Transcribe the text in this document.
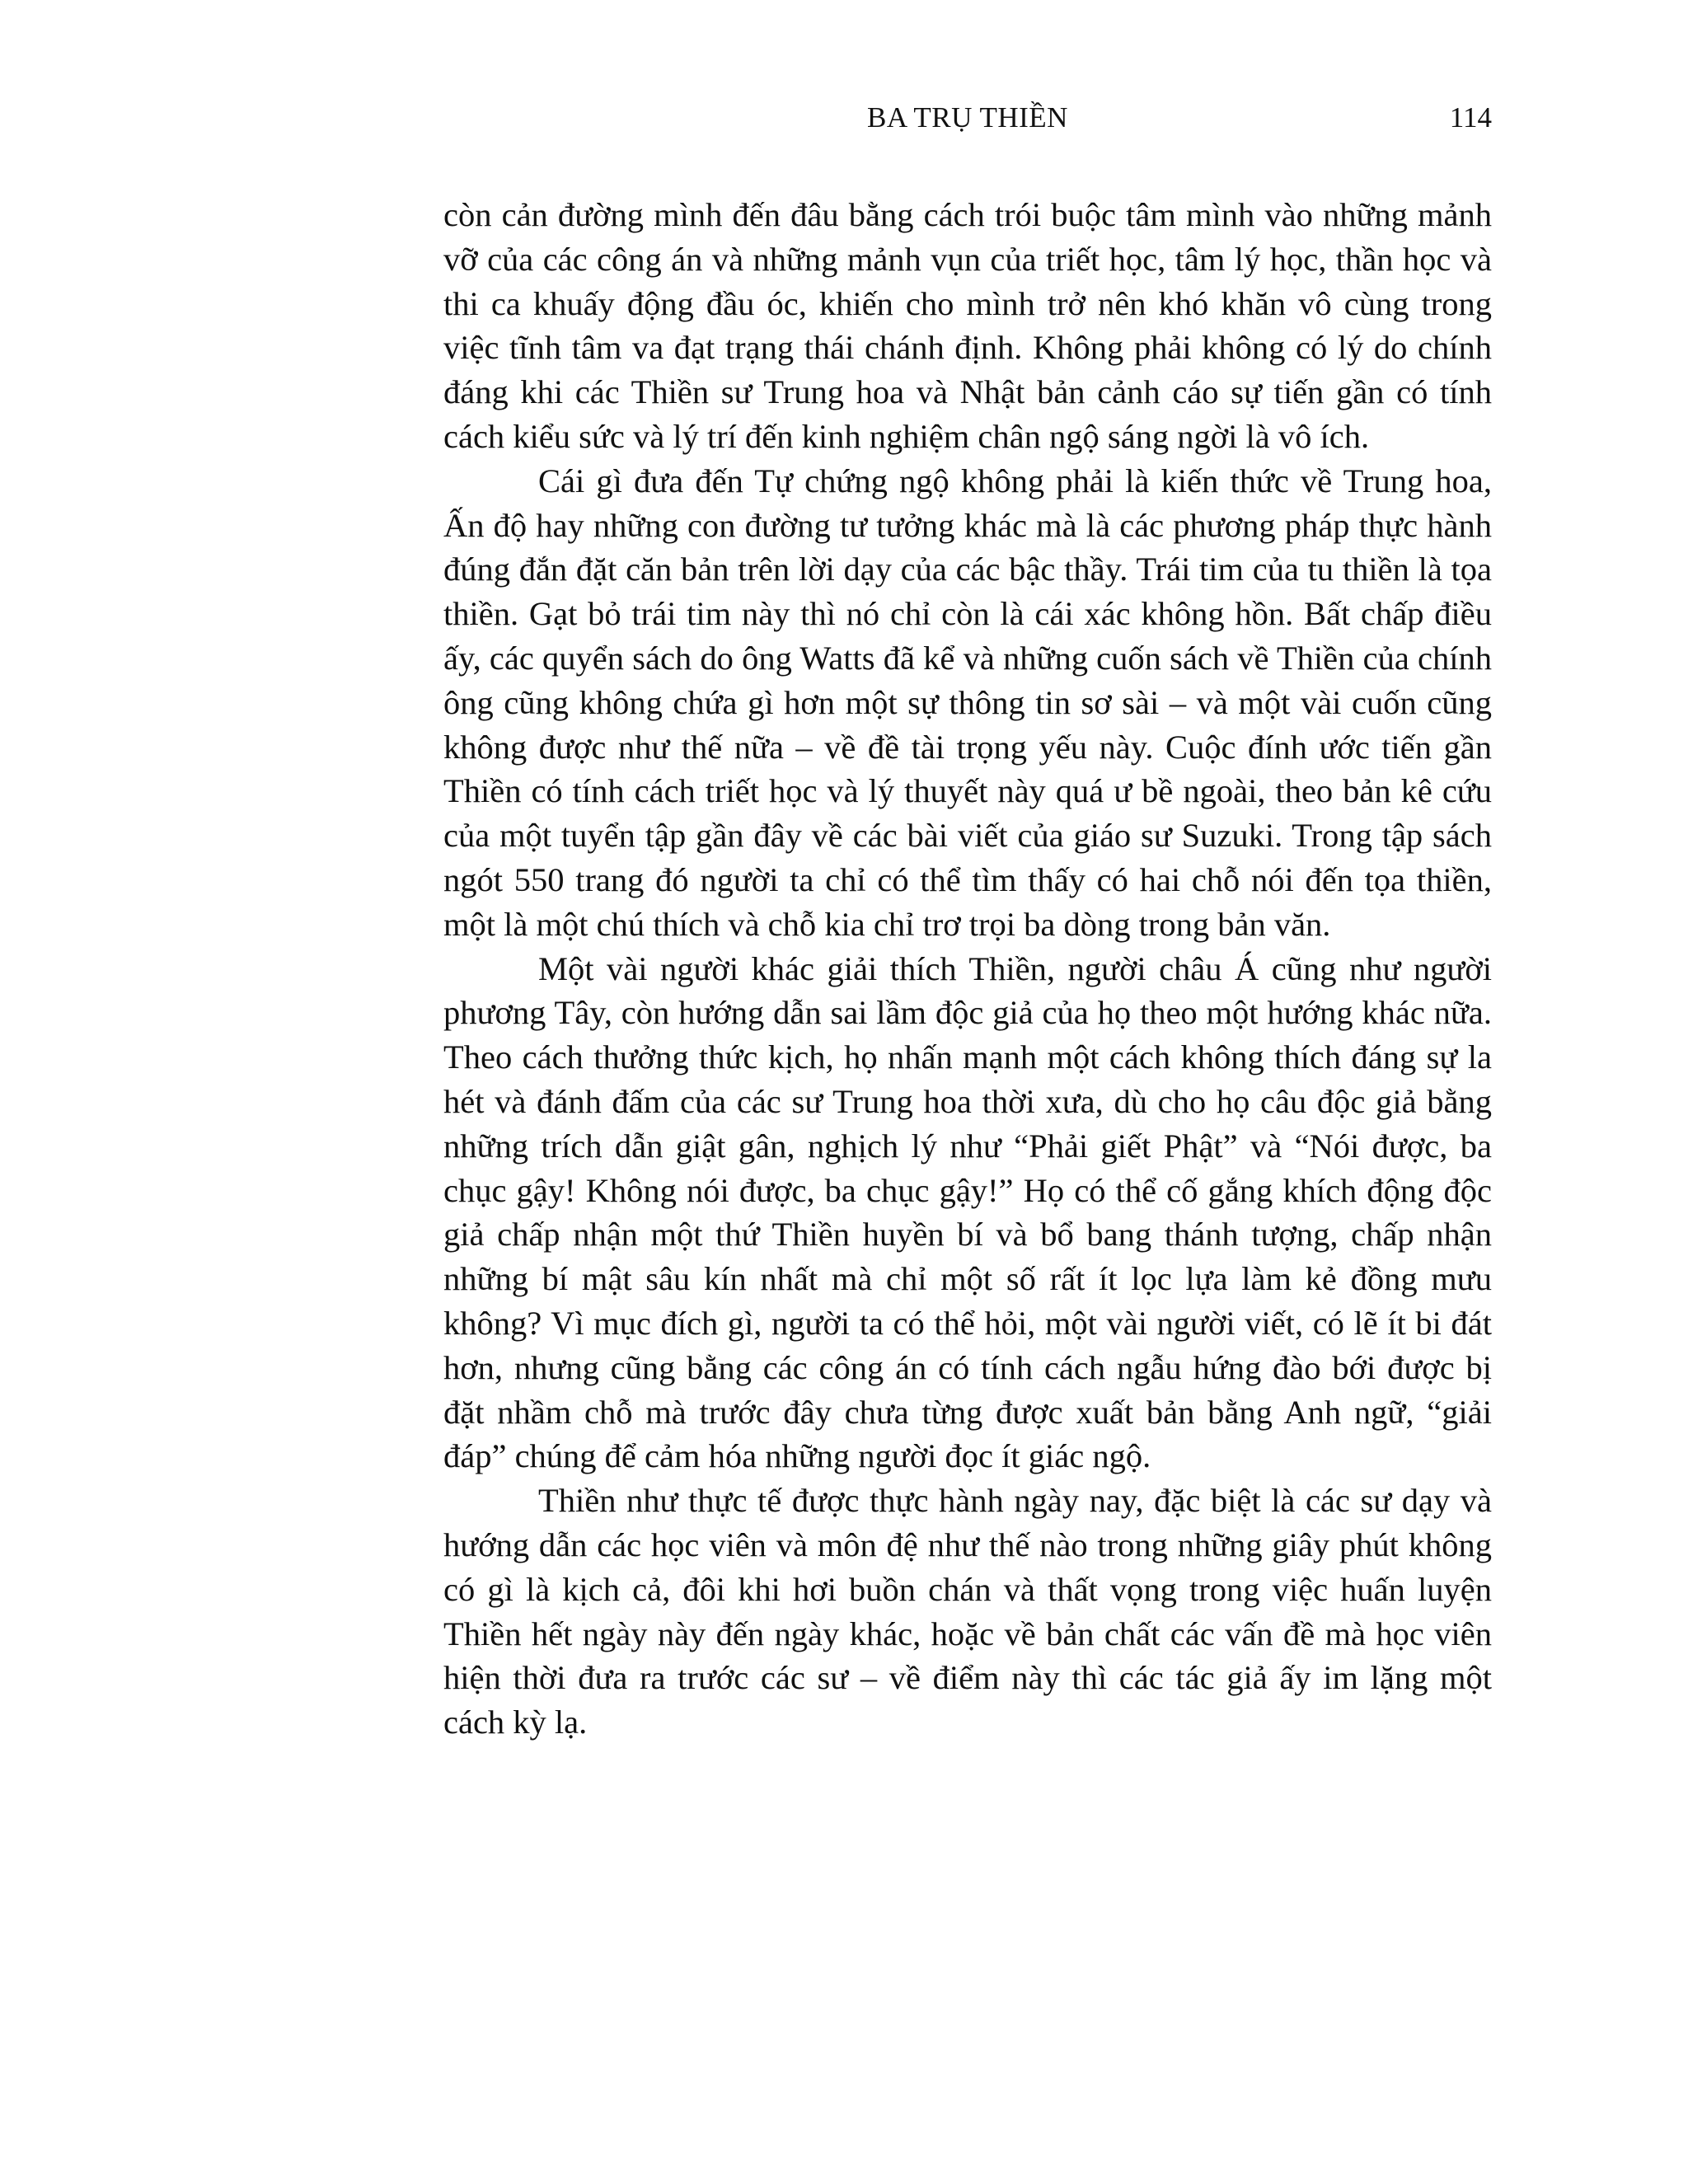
BA TRỤ THIỀN	114

còn cản đường mình đến đâu bằng cách trói buộc tâm mình vào những mảnh vỡ của các công án và những mảnh vụn của triết học, tâm lý học, thần học và thi ca khuấy động đầu óc, khiến cho mình trở nên khó khăn vô cùng trong việc tĩnh tâm va đạt trạng thái chánh định. Không phải không có lý do chính đáng khi các Thiền sư Trung hoa và Nhật bản cảnh cáo sự tiến gần có tính cách kiểu sức và lý trí đến kinh nghiệm chân ngộ sáng ngời là vô ích.

Cái gì đưa đến Tự chứng ngộ không phải là kiến thức về Trung hoa, Ấn độ hay những con đường tư tưởng khác mà là các phương pháp thực hành đúng đắn đặt căn bản trên lời dạy của các bậc thầy. Trái tim của tu thiền là tọa thiền. Gạt bỏ trái tim này thì nó chỉ còn là cái xác không hồn. Bất chấp điều ấy, các quyển sách do ông Watts đã kể và những cuốn sách về Thiền của chính ông cũng không chứa gì hơn một sự thông tin sơ sài – và một vài cuốn cũng không được như thế nữa – về đề tài trọng yếu này. Cuộc đính ước tiến gần Thiền có tính cách triết học và lý thuyết này quá ư bề ngoài, theo bản kê cứu của một tuyển tập gần đây về các bài viết của giáo sư Suzuki. Trong tập sách ngót 550 trang đó người ta chỉ có thể tìm thấy có hai chỗ nói đến tọa thiền, một là một chú thích và chỗ kia chỉ trơ trọi ba dòng trong bản văn.

Một vài người khác giải thích Thiền, người châu Á cũng như người phương Tây, còn hướng dẫn sai lầm độc giả của họ theo một hướng khác nữa. Theo cách thưởng thức kịch, họ nhấn mạnh một cách không thích đáng sự la hét và đánh đấm của các sư Trung hoa thời xưa, dù cho họ câu độc giả bằng những trích dẫn giật gân, nghịch lý như “Phải giết Phật” và “Nói được, ba chục gậy! Không nói được, ba chục gậy!” Họ có thể cố gắng khích động độc giả chấp nhận một thứ Thiền huyền bí và bổ bang thánh tượng, chấp nhận những bí mật sâu kín nhất mà chỉ một số rất ít lọc lựa làm kẻ đồng mưu không? Vì mục đích gì, người ta có thể hỏi, một vài người viết, có lẽ ít bi đát hơn, nhưng cũng bằng các công án có tính cách ngẫu hứng đào bới được bị đặt nhầm chỗ mà trước đây chưa từng được xuất bản bằng Anh ngữ, “giải đáp” chúng để cảm hóa những người đọc ít giác ngộ.

Thiền như thực tế được thực hành ngày nay, đặc biệt là các sư dạy và hướng dẫn các học viên và môn đệ như thế nào trong những giây phút không có gì là kịch cả, đôi khi hơi buồn chán và thất vọng trong việc huấn luyện Thiền hết ngày này đến ngày khác, hoặc về bản chất các vấn đề mà học viên hiện thời đưa ra trước các sư – về điểm này thì các tác giả ấy im lặng một cách kỳ lạ.
